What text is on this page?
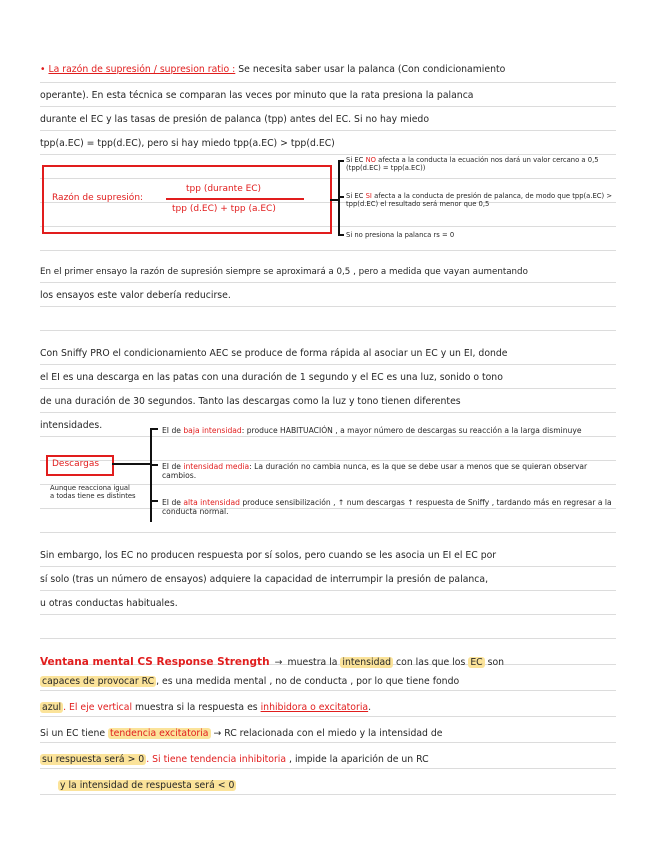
• La razón de supresión / supresion ratio : Se necesita saber usar la palanca (Con condicionamiento
operante). En esta técnica se comparan las veces por minuto que la rata presiona la palanca
durante el EC y las tasas de presión de palanca (tpp) antes del EC. Si no hay miedo
tpp(a.EC) = tpp(d.EC), pero si hay miedo tpp(a.EC) > tpp(d.EC)
Razón de supresión:
tpp (durante EC)
tpp (d.EC) + tpp (a.EC)
Si EC NO afecta a la conducta la ecuación nos dará un valor cercano a 0,5 (tpp(d.EC) = tpp(a.EC))
Si EC SI afecta a la conducta de presión de palanca, de modo que tpp(a.EC) > tpp(d.EC) el resultado será menor que 0,5
Si no presiona la palanca rs = 0
En el primer ensayo la razón de supresión siempre se aproximará a 0,5 , pero a medida que vayan aumentando
los ensayos este valor debería reducirse.
Con Sniffy PRO el condicionamiento AEC se produce de forma rápida al asociar un EC y un EI, donde
el EI es una descarga en las patas con una duración de 1 segundo y el EC es una luz, sonido o tono
de una duración de 30 segundos. Tanto las descargas como la luz y tono tienen diferentes
intensidades.
Descargas
Aunque reacciona igual a todas tiene es distintes
EI de baja intensidad: produce HABITUACIÓN , a mayor número de descargas su reacción a la larga disminuye
EI de intensidad media: La duración no cambia nunca, es la que se debe usar a menos que se quieran observar cambios.
EI de alta intensidad produce sensibilización , ↑ num descargas ↑ respuesta de Sniffy , tardando más en regresar a la conducta normal.
Sin embargo, los EC no producen respuesta por sí solos, pero cuando se les asocia un EI el EC por
sí solo (tras un número de ensayos) adquiere la capacidad de interrumpir la presión de palanca,
u otras conductas habituales.
Ventana mental CS Response Strength → muestra la intensidad con las que los EC son
capaces de provocar RC , es una medida mental , no de conducta , por lo que tiene fondo
azul . El eje vertical muestra si la respuesta es inhibidora o excitatoria.
Si un EC tiene tendencia excitatoria → RC relacionada con el miedo y la intensidad de
su respuesta será > 0 . Si tiene tendencia inhibitoria , impide la aparición de un RC
y la intensidad de respuesta será < 0
